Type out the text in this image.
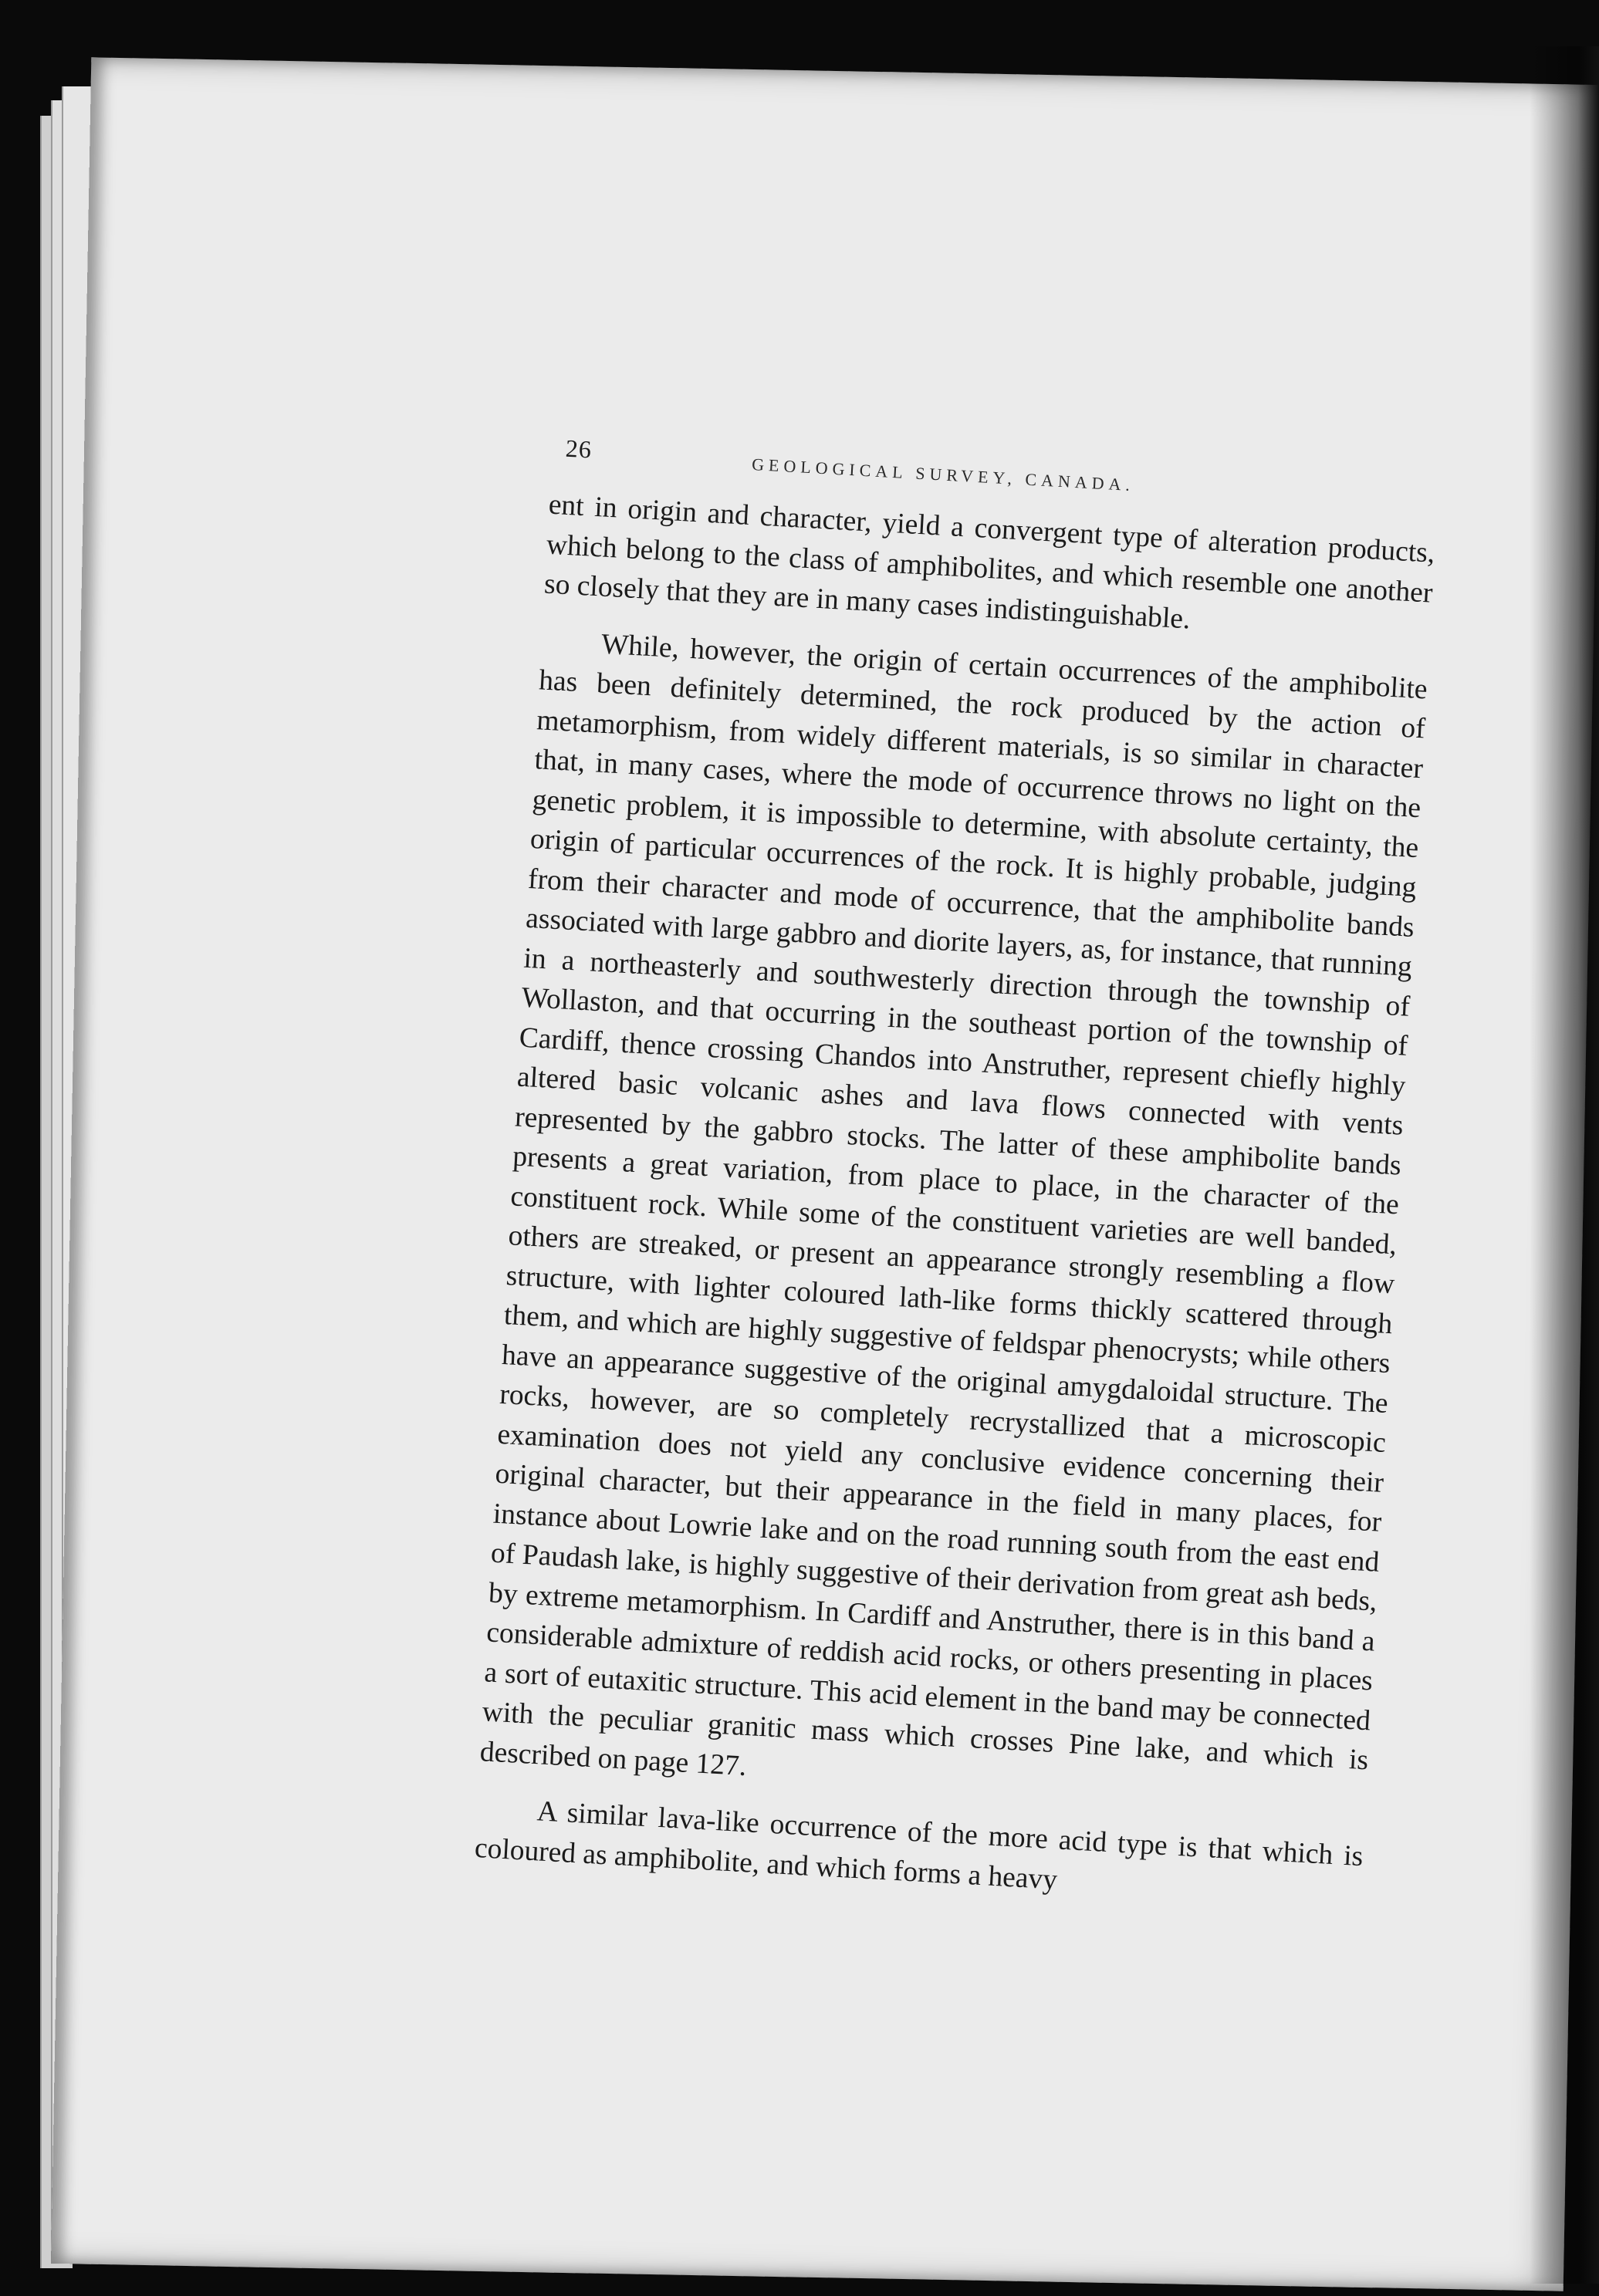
26
GEOLOGICAL SURVEY, CANADA.

ent in origin and character, yield a convergent type of alteration products, which belong to the class of amphibolites, and which resemble one another so closely that they are in many cases indistinguishable.

While, however, the origin of certain occurrences of the amphibolite has been definitely determined, the rock produced by the action of metamorphism, from widely different materials, is so similar in character that, in many cases, where the mode of occurrence throws no light on the genetic problem, it is impossible to determine, with absolute certainty, the origin of particular occurrences of the rock. It is highly probable, judging from their character and mode of occurrence, that the amphibolite bands associated with large gabbro and diorite layers, as, for instance, that running in a northeasterly and southwesterly direction through the township of Wollaston, and that occurring in the southeast portion of the township of Cardiff, thence crossing Chandos into Anstruther, represent chiefly highly altered basic volcanic ashes and lava flows connected with vents represented by the gabbro stocks. The latter of these amphibolite bands presents a great variation, from place to place, in the character of the constituent rock. While some of the constituent varieties are well banded, others are streaked, or present an appearance strongly resembling a flow structure, with lighter coloured lath-like forms thickly scattered through them, and which are highly suggestive of feldspar phenocrysts; while others have an appearance suggestive of the original amygdaloidal structure. The rocks, however, are so completely recrystallized that a microscopic examination does not yield any conclusive evidence concerning their original character, but their appearance in the field in many places, for instance about Lowrie lake and on the road running south from the east end of Paudash lake, is highly suggestive of their derivation from great ash beds, by extreme metamorphism. In Cardiff and Anstruther, there is in this band a considerable admixture of reddish acid rocks, or others presenting in places a sort of eutaxitic structure. This acid element in the band may be connected with the peculiar granitic mass which crosses Pine lake, and which is described on page 127.

A similar lava-like occurrence of the more acid type is that which is coloured as amphibolite, and which forms a heavy
